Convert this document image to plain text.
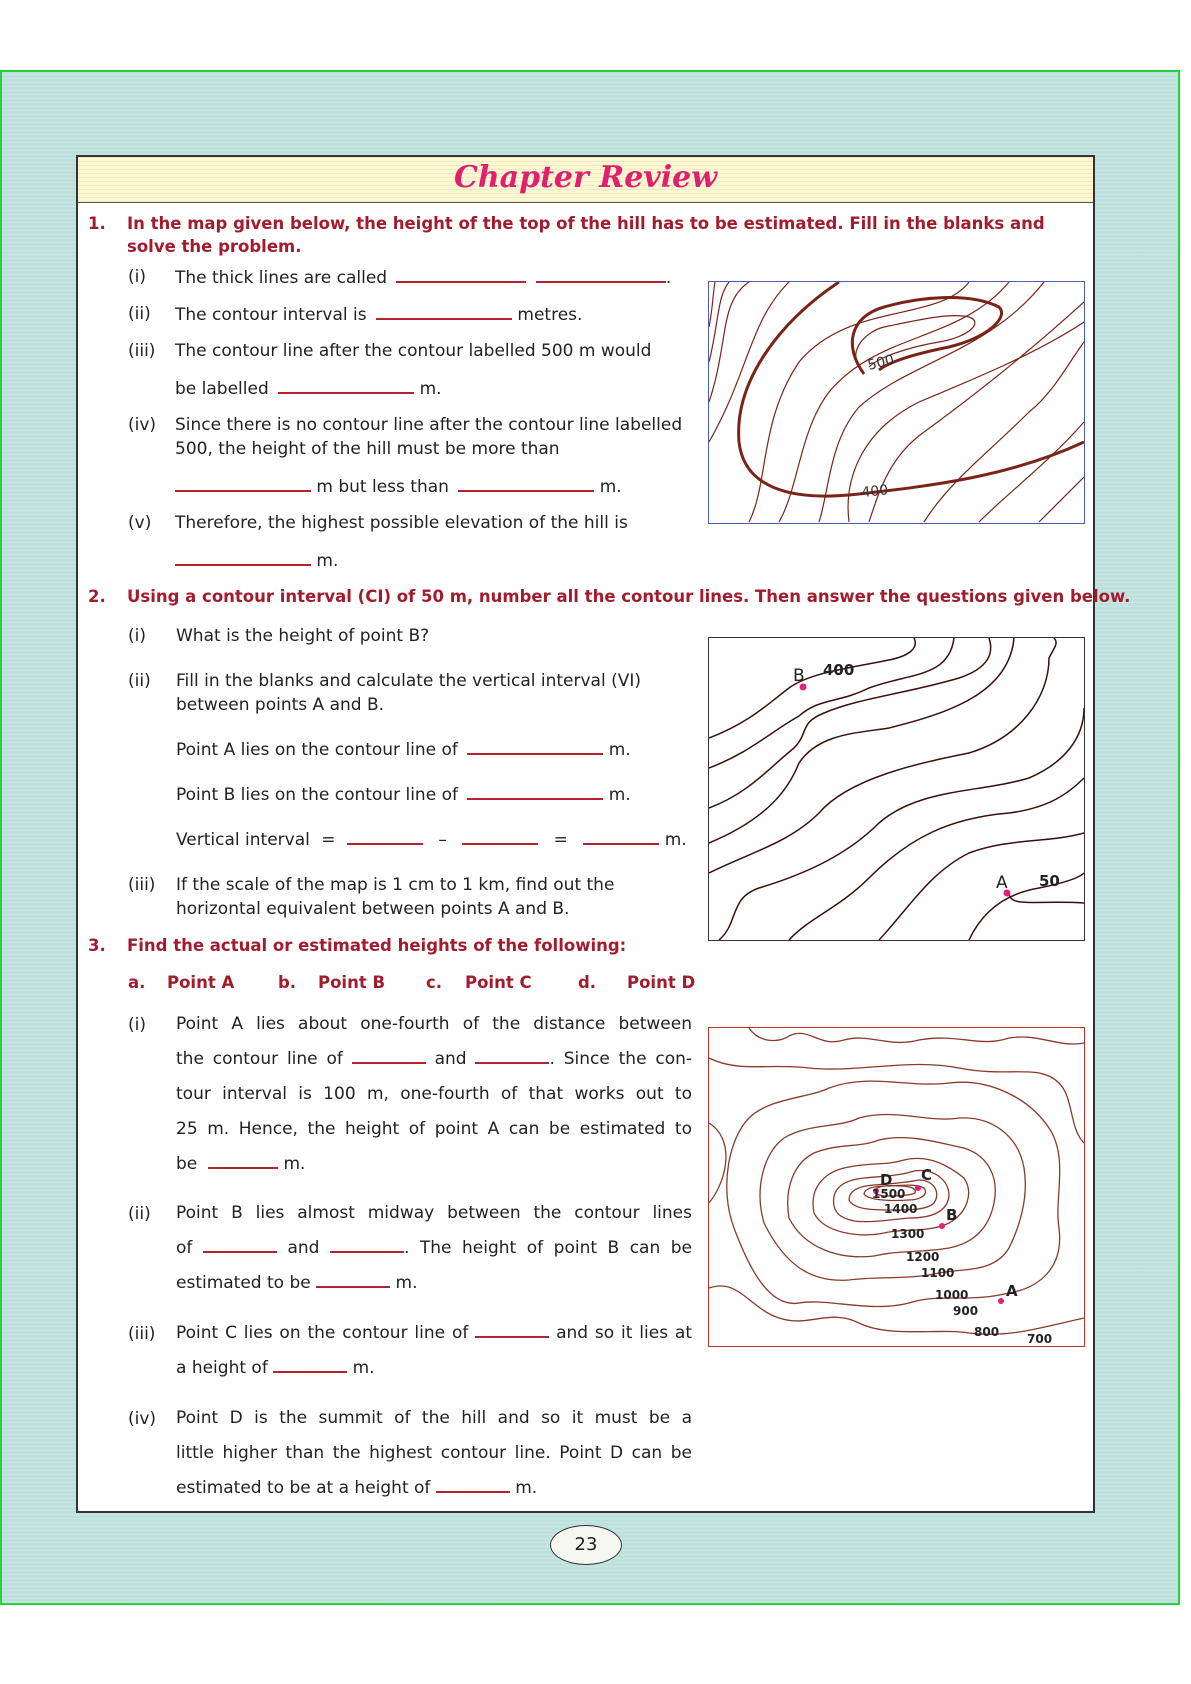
Chapter Review
1. In the map given below, the height of the top of the hill has to be estimated. Fill in the blanks and solve the problem.
(i) The thick lines are called	.
(ii) The contour interval is	metres.
(iii) The contour line after the contour labelled 500 m would
be labelled	m.
(iv) Since there is no contour line after the contour line labelled
500, the height of the hill must be more than
m but less than	m.
(v) Therefore, the highest possible elevation of the hill is
m.
500
400
2. Using a contour interval (CI) of 50 m, number all the contour lines. Then answer the questions given below.
(i) What is the height of point B?
(ii) Fill in the blanks and calculate the vertical interval (VI)
between points A and B.
Point A lies on the contour line of	m.
Point B lies on the contour line of	m.
Vertical interval =	–	=	m.
(iii) If the scale of the map is 1 cm to 1 km, find out the
horizontal equivalent between points A and B.
B 400
A 50
3. Find the actual or estimated heights of the following:
a. Point A	b. Point B c. Point C	d. Point D
(i) Point A lies about one-fourth of the distance between
the contour line of	and	. Since the con-
tour interval is 100 m, one-fourth of that works out to
25 m. Hence, the height of point A can be estimated to
be	m.
(ii) Point B lies almost midway between the contour lines
of	and	. The height of point B can be
estimated to be	m.
(iii) Point C lies on the contour line of	and so it lies at
a height of	m.
(iv) Point D is the summit of the hill and so it must be a
little higher than the highest contour line. Point D can be
estimated to be at a height of	m.
1500
1400
1300
1200
1100
1000
900
800 700
A
B
C
D
23
